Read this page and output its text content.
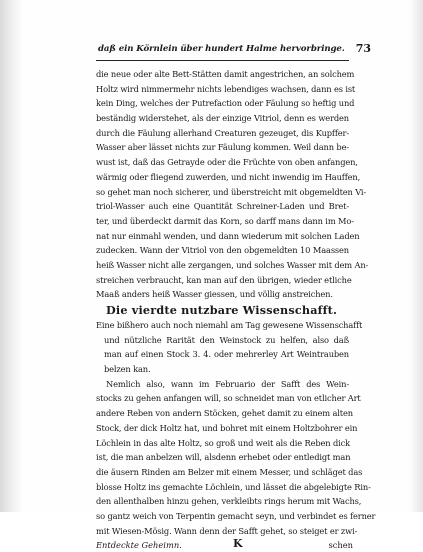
daß ein Körnlein über hundert Halme hervorbringe. 73
die neue oder alte Bett-Stätten damit angestrichen, an solchem
Holtz wird nimmermehr nichts lebendiges wachsen, dann es ist
kein Ding, welches der Putrefaction oder Fäulung so heftig und
beständig widerstehet, als der einzige Vitriol, denn es werden
durch die Fäulung allerhand Creaturen gezeuget, dis Kupffer-
Wasser aber lässet nichts zur Fäulung kommen. Weil dann be-
wust ist, daß das Getrayde oder die Früchte von oben anfangen,
wärmig oder fliegend zuwerden, und nicht inwendig im Hauffen,
so gehet man noch sicherer, und überstreicht mit obgemeldten Vi-
triol-Wasser auch eine Quantität Schreiner-Laden und Bret-
ter, und überdeckt darmit das Korn, so darff mans dann im Mo-
nat nur einmahl wenden, und dann wiederum mit solchen Laden
zudecken. Wann der Vitriol von den obgemeldten 10 Maassen
heiß Wasser nicht alle zergangen, und solches Wasser mit dem An-
streichen verbraucht, kan man auf den übrigen, wieder etliche
Maaß anders heiß Wasser giessen, und völlig anstreichen.
Die vierdte nutzbare Wissenschafft.
Eine bißhero auch noch niemahl am Tag gewesene Wissenschafft
und nützliche Rarität den Weinstock zu helfen, also daß
man auf einen Stock 3. 4. oder mehrerley Art Weintrauben
belzen kan.
Nemlich also, wann im Februario der Safft des Wein-
stocks zu gehen anfangen will, so schneidet man von etlicher Art
andere Reben von andern Stöcken, gehet damit zu einem alten
Stock, der dick Holtz hat, und bohret mit einem Holtzbohrer ein
Löchlein in das alte Holtz, so groß und weit als die Reben dick
ist, die man anbelzen will, alsdenn erhebet oder entledigt man
die äusern Rinden am Belzer mit einem Messer, und schläget das
blosse Holtz ins gemachte Löchlein, und lässet die abgelebigte Rin-
den allenthalben hinzu gehen, verkleibts rings herum mit Wachs,
so gantz weich von Terpentin gemacht seyn, und verbindet es ferner
mit Wiesen-Mösig. Wann denn der Safft gehet, so steiget er zwi-
Entdeckte Geheimn.	K	schen
